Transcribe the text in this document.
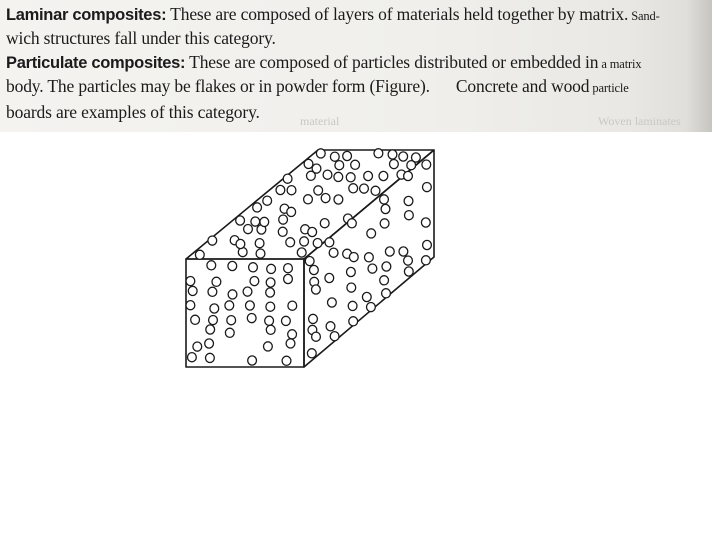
Laminar composites: These are composed of layers of materials held together by matrix. Sand-
wich structures fall under this category.
Particulate composites: These are composed of particles distributed or embedded in a matrix
body. The particles may be flakes or in powder form (Figure). Concrete and wood particle
boards are examples of this category.	material	Woven laminates
